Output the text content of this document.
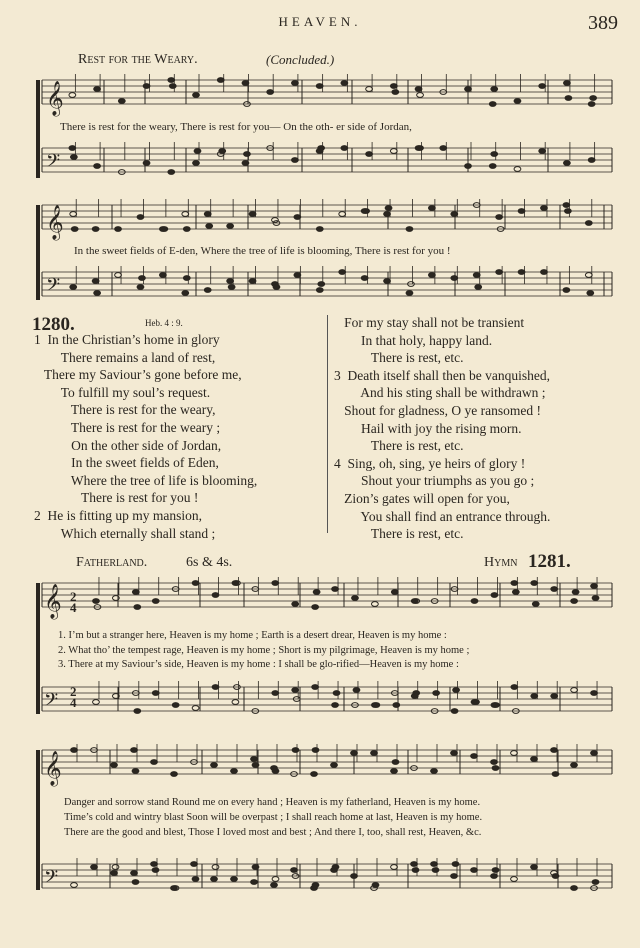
HEAVEN.	389
Rest for the Weary.	(Concluded.)
𝄞
𝄢
𝄞
𝄢
𝄞
𝄢
𝄞
𝄢
There is rest for the weary, There is rest for you— On the oth- er side of Jordan,
In the sweet fields of E-den, Where the tree of life is blooming, There is rest for you !
1280.	Heb. 4 : 9.
1  In the Christian’s home in glory
There remains a land of rest,
There my Saviour’s gone before me,
To fulfill my soul’s request.
There is rest for the weary,
There is rest for the weary ;
On the other side of Jordan,
In the sweet fields of Eden,
Where the tree of life is blooming,
There is rest for you !
2  He is fitting up my mansion,
Which eternally shall stand ;
For my stay shall not be transient
In that holy, happy land.
There is rest, etc.
3  Death itself shall then be vanquished,
And his sting shall be withdrawn ;
Shout for gladness, O ye ransomed !
Hail with joy the rising morn.
There is rest, etc.
4  Sing, oh, sing, ye heirs of glory !
Shout your triumphs as you go ;
Zion’s gates will open for you,
You shall find an entrance through.
There is rest, etc.
Fatherland.	6s & 4s.	Hymn 1281.
2
4
2
4
1. I’m but a stranger here, Heaven is my home ; Earth is a desert drear, Heaven is my home :
2. What tho’ the tempest rage, Heaven is my home ; Short is my pilgrimage, Heaven is my home ;
3. There at my Saviour’s side, Heaven is my home : I shall be glo-rified—Heaven is my home :
Danger and sorrow stand Round me on every hand ; Heaven is my fatherland, Heaven is my home.
Time’s cold and wintry blast Soon will be overpast ; I shall reach home at last, Heaven is my home.
There are the good and blest, Those I loved most and best ; And there I, too, shall rest, Heaven, &c.
